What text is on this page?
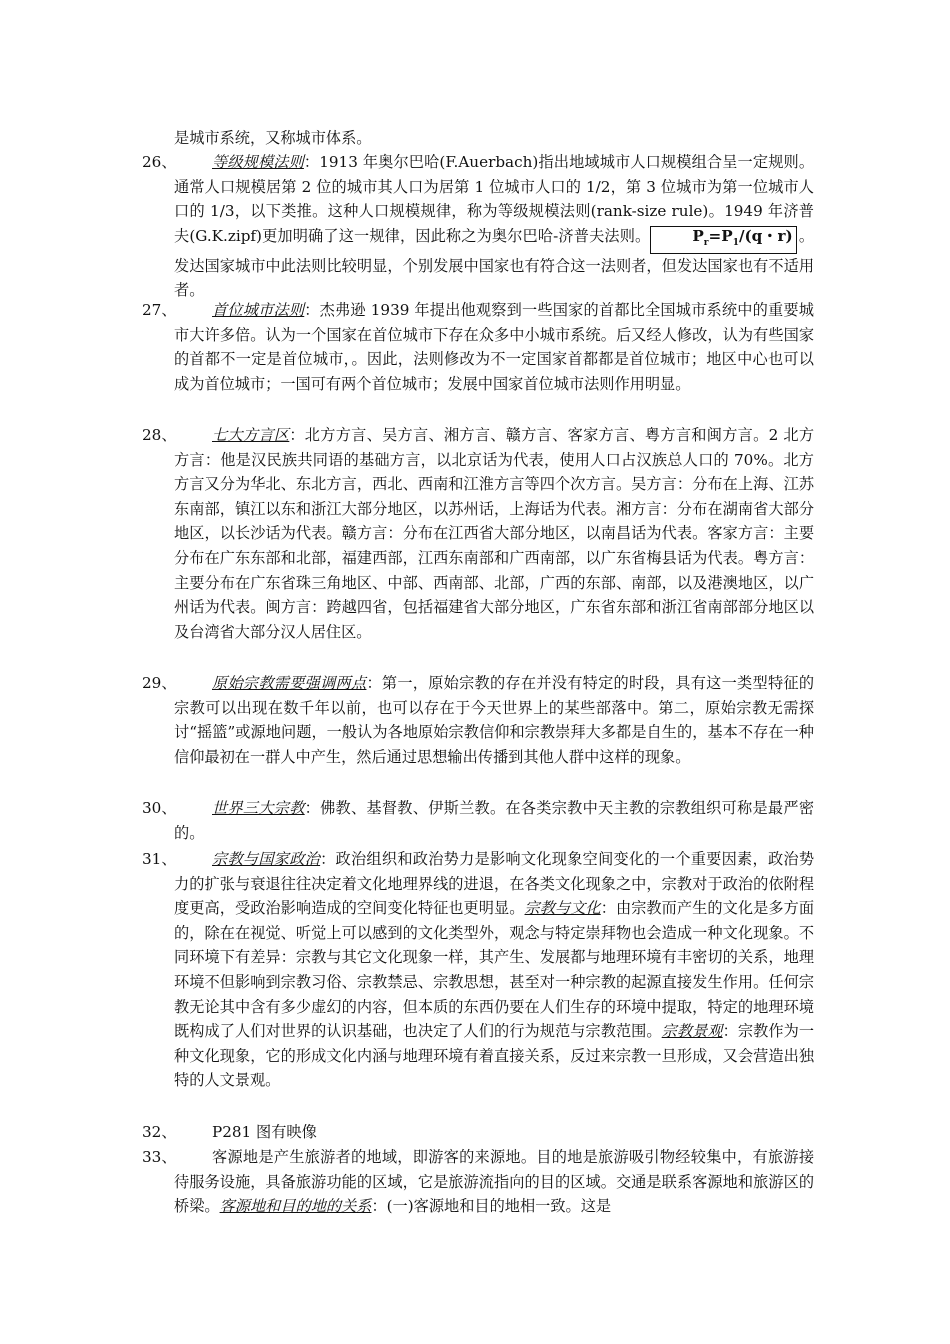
是城市系统，又称城市体系。

26、	等级规模法则：1913 年奥尔巴哈(F.Auerbach)指出地域城市人口规模组合呈一定规则。通常人口规模居第 2 位的城市其人口为居第 1 位城市人口的 1/2，第 3 位城市为第一位城市人口的 1/3，以下类推。这种人口规模规律，称为等级规模法则(rank-size rule)。1949 年济普夫(G.K.zipf)更加明确了这一规律，因此称之为奥尔巴哈-济普夫法则。	$P_r=P_1/(q$・r) 。发达国家城市中此法则比较明显，个别发展中国家也有符合这一法则者，但发达国家也有不适用者。
27、	首位城市法则：杰弗逊 1939 年提出他观察到一些国家的首都比全国城市系统中的重要城市大许多倍。认为一个国家在首位城市下存在众多中小城市系统。后又经人修改，认为有些国家的首都不一定是首位城市，。因此，法则修改为不一定国家首都都是首位城市；地区中心也可以成为首位城市；一国可有两个首位城市；发展中国家首位城市法则作用明显。
28、	七大方言区：北方方言、吴方言、湘方言、赣方言、客家方言、粤方言和闽方言。2 北方方言：他是汉民族共同语的基础方言，以北京话为代表，使用人口占汉族总人口的 70%。北方方言又分为华北、东北方言，西北、西南和江淮方言等四个次方言。吴方言：分布在上海、江苏东南部，镇江以东和浙江大部分地区，以苏州话，上海话为代表。湘方言：分布在湖南省大部分地区，以长沙话为代表。赣方言：分布在江西省大部分地区，以南昌话为代表。客家方言：主要分布在广东东部和北部，福建西部，江西东南部和广西南部，以广东省梅县话为代表。粤方言：主要分布在广东省珠三角地区、中部、西南部、北部，广西的东部、南部，以及港澳地区，以广州话为代表。闽方言：跨越四省，包括福建省大部分地区，广东省东部和浙江省南部部分地区以及台湾省大部分汉人居住区。
29、	原始宗教需要强调两点：第一，原始宗教的存在并没有特定的时段，具有这一类型特征的宗教可以出现在数千年以前，也可以存在于今天世界上的某些部落中。第二，原始宗教无需探讨“摇篮”或源地问题，一般认为各地原始宗教信仰和宗教崇拜大多都是自生的，基本不存在一种信仰最初在一群人中产生，然后通过思想输出传播到其他人群中这样的现象。
30、	世界三大宗教：佛教、基督教、伊斯兰教。在各类宗教中天主教的宗教组织可称是最严密的。
31、	宗教与国家政治：政治组织和政治势力是影响文化现象空间变化的一个重要因素，政治势力的扩张与衰退往往决定着文化地理界线的进退，在各类文化现象之中，宗教对于政治的依附程度更高，受政治影响造成的空间变化特征也更明显。宗教与文化：由宗教而产生的文化是多方面的，除在在视觉、听觉上可以感到的文化类型外，观念与特定崇拜物也会造成一种文化现象。不同环境下有差异：宗教与其它文化现象一样，其产生、发展都与地理环境有丰密切的关系，地理环境不但影响到宗教习俗、宗教禁忌、宗教思想，甚至对一种宗教的起源直接发生作用。任何宗教无论其中含有多少虚幻的内容，但本质的东西仍要在人们生存的环境中提取，特定的地理环境既构成了人们对世界的认识基础，也决定了人们的行为规范与宗教范围。宗教景观：宗教作为一种文化现象，它的形成文化内涵与地理环境有着直接关系，反过来宗教一旦形成，又会营造出独特的人文景观。
32、	P281 图有映像
33、	客源地是产生旅游者的地域，即游客的来源地。目的地是旅游吸引物经较集中，有旅游接待服务设施，具备旅游功能的区域，它是旅游流指向的目的区域。交通是联系客源地和旅游区的桥梁。客源地和目的地的关系：(一)客源地和目的地相一致。这是
